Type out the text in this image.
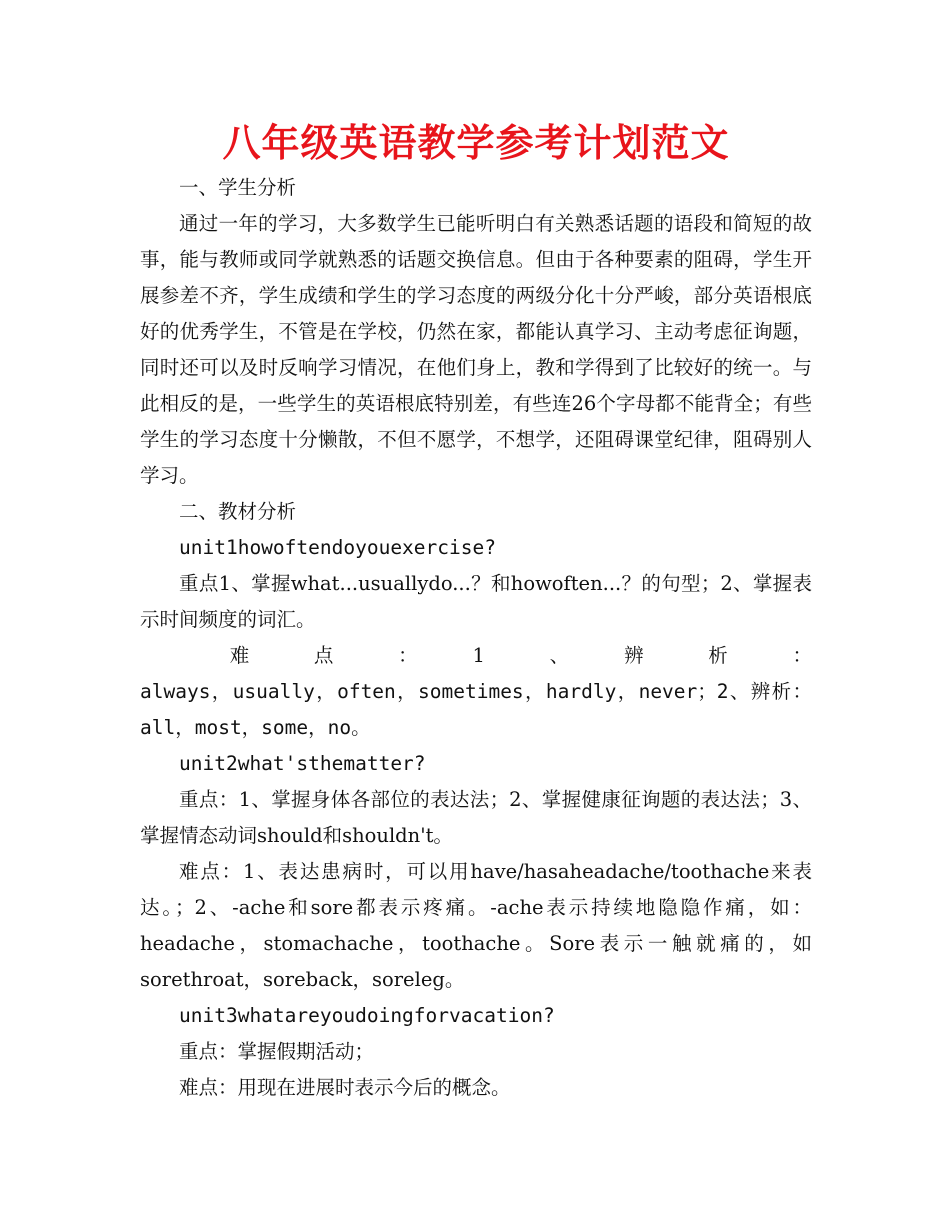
八年级英语教学参考计划范文

一、学生分析

通过一年的学习，大多数学生已能听明白有关熟悉话题的语段和简短的故事，能与教师或同学就熟悉的话题交换信息。但由于各种要素的阻碍，学生开展参差不齐，学生成绩和学生的学习态度的两级分化十分严峻，部分英语根底好的优秀学生，不管是在学校，仍然在家，都能认真学习、主动考虑征询题，同时还可以及时反响学习情况，在他们身上，教和学得到了比较好的统一。与此相反的是，一些学生的英语根底特别差，有些连26个字母都不能背全；有些学生的学习态度十分懒散，不但不愿学，不想学，还阻碍课堂纪律，阻碍别人学习。

二、教材分析

unit1howoftendoyouexercise?

重点1、掌握what...usuallydo...？和howoften...？的句型；2、掌握表示时间频度的词汇。

难　点　：　1　、　辨　析　：

always，usually，often，sometimes，hardly，never；2、辨析：all，most，some，no。

unit2what'sthematter?

重点：1、掌握身体各部位的表达法；2、掌握健康征询题的表达法；3、掌握情态动词should和shouldn't。

难点：1、表达患病时，可以用have/hasaheadache/toothache来表达。；2、-ache和sore都表示疼痛。-ache表示持续地隐隐作痛，如：headache，stomachache，toothache。Sore表示一触就痛的，如sorethroat，soreback，soreleg。

unit3whatareyoudoingforvacation?

重点：掌握假期活动；

难点：用现在进展时表示今后的概念。
